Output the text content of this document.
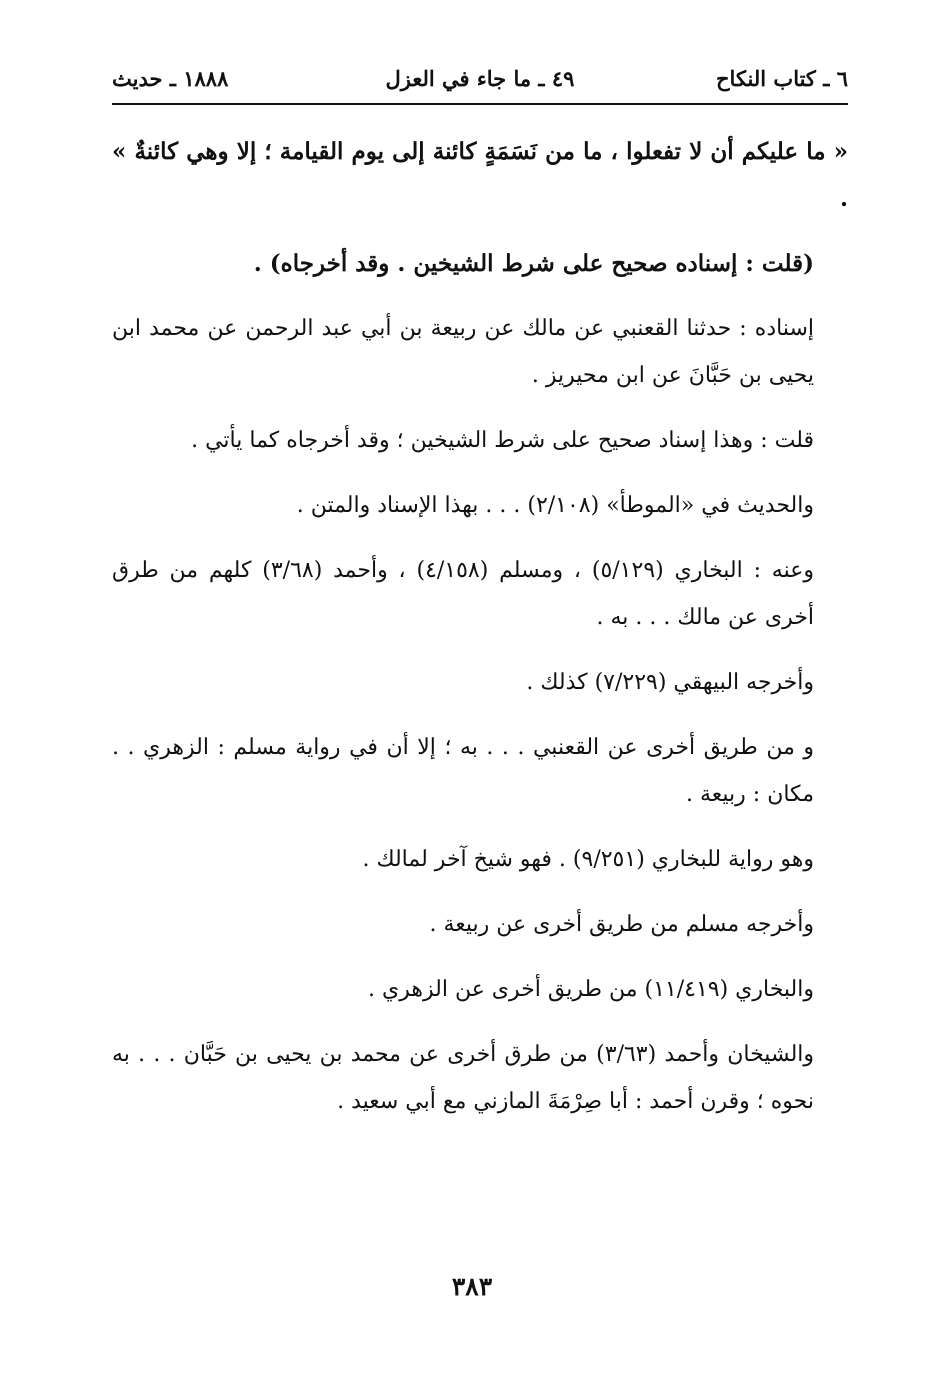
٦ ـ كتاب النكاح
٤٩ ـ ما جاء في العزل
١٨٨٨ ـ حديث

« ما عليكم أن لا تفعلوا ، ما من نَسَمَةٍ كائنة إلى يوم القيامة ؛ إلا وهي كائنةٌ » .

(قلت : إسناده صحيح على شرط الشيخين . وقد أخرجاه) .

إسناده : حدثنا القعنبي عن مالك عن ربيعة بن أبي عبد الرحمن عن محمد ابن يحيى بن حَبَّانَ عن ابن محيريز .

قلت : وهذا إسناد صحيح على شرط الشيخين ؛ وقد أخرجاه كما يأتي .

والحديث في «الموطأ» (٢/١٠٨) . . . بهذا الإسناد والمتن .

وعنه : البخاري (٥/١٢٩) ، ومسلم (٤/١٥٨) ، وأحمد (٣/٦٨) كلهم من طرق أخرى عن مالك . . . به .

وأخرجه البيهقي (٧/٢٢٩) كذلك .

و من طريق أخرى عن القعنبي . . . به ؛ إلا أن في رواية مسلم : الزهري . . مكان : ربيعة .

وهو رواية للبخاري (٩/٢٥١) . فهو شيخ آخر لمالك .

وأخرجه مسلم من طريق أخرى عن ربيعة .

والبخاري (١١/٤١٩) من طريق أخرى عن الزهري .

والشيخان وأحمد (٣/٦٣) من طرق أخرى عن محمد بن يحيى بن حَبَّان . . . به نحوه ؛ وقرن أحمد : أبا صِرْمَةَ المازني مع أبي سعيد .

٣٨٣
